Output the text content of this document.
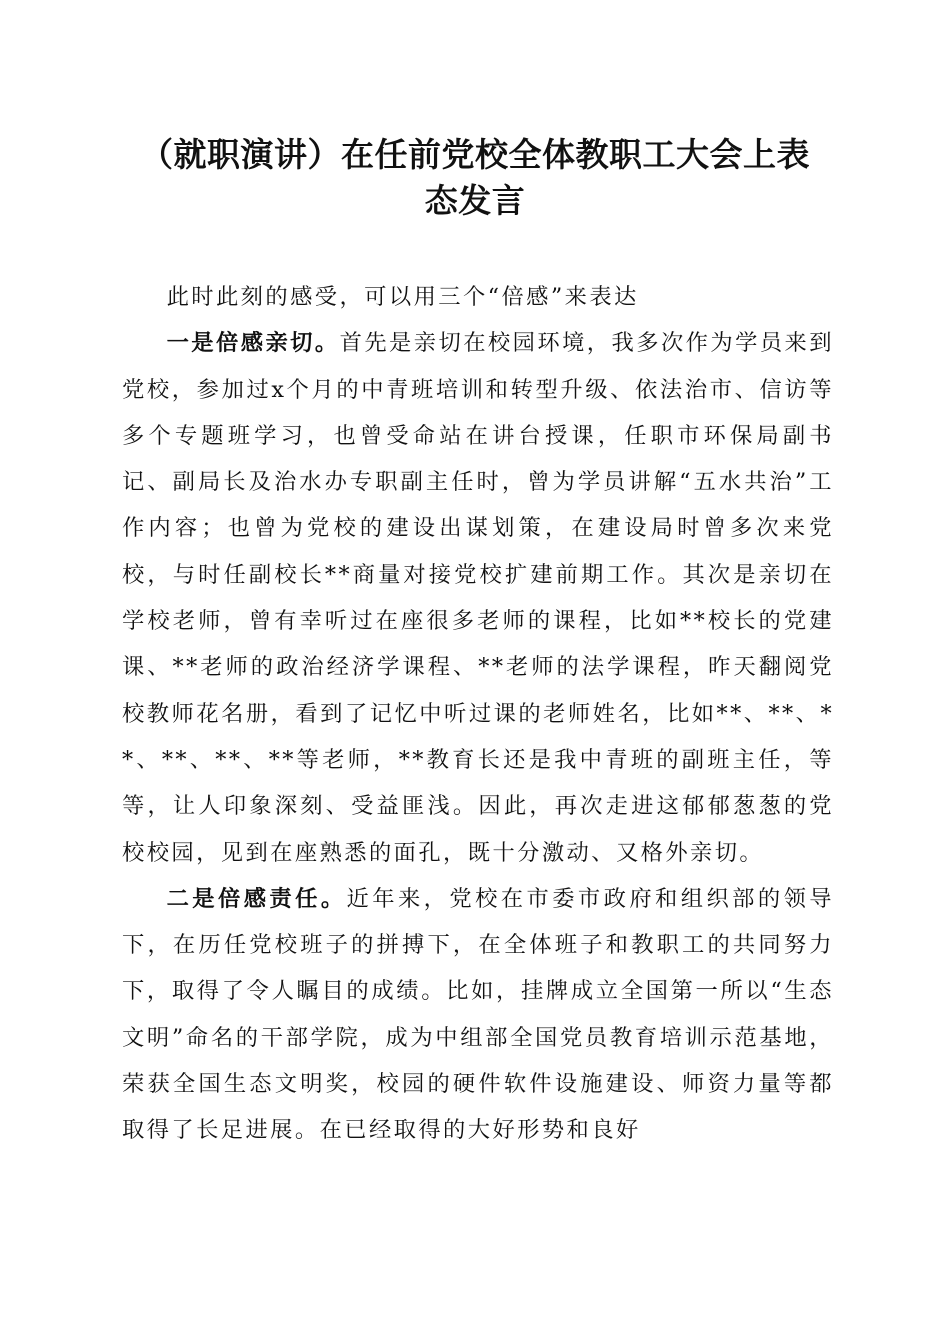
（就职演讲）在任前党校全体教职工大会上表
态发言

此时此刻的感受，可以用三个“倍感”来表达

一是倍感亲切。首先是亲切在校园环境，我多次作为学员来到党校，参加过x个月的中青班培训和转型升级、依法治市、信访等多个专题班学习，也曾受命站在讲台授课，任职市环保局副书记、副局长及治水办专职副主任时，曾为学员讲解“五水共治”工作内容；也曾为党校的建设出谋划策，在建设局时曾多次来党校，与时任副校长**商量对接党校扩建前期工作。其次是亲切在学校老师，曾有幸听过在座很多老师的课程，比如**校长的党建课、**老师的政治经济学课程、**老师的法学课程，昨天翻阅党校教师花名册，看到了记忆中听过课的老师姓名，比如**、**、**、**、**、**等老师，**教育长还是我中青班的副班主任，等等，让人印象深刻、受益匪浅。因此，再次走进这郁郁葱葱的党校校园，见到在座熟悉的面孔，既十分激动、又格外亲切。

二是倍感责任。近年来，党校在市委市政府和组织部的领导下，在历任党校班子的拼搏下，在全体班子和教职工的共同努力下，取得了令人瞩目的成绩。比如，挂牌成立全国第一所以“生态文明”命名的干部学院，成为中组部全国党员教育培训示范基地，荣获全国生态文明奖，校园的硬件软件设施建设、师资力量等都取得了长足进展。在已经取得的大好形势和良好
